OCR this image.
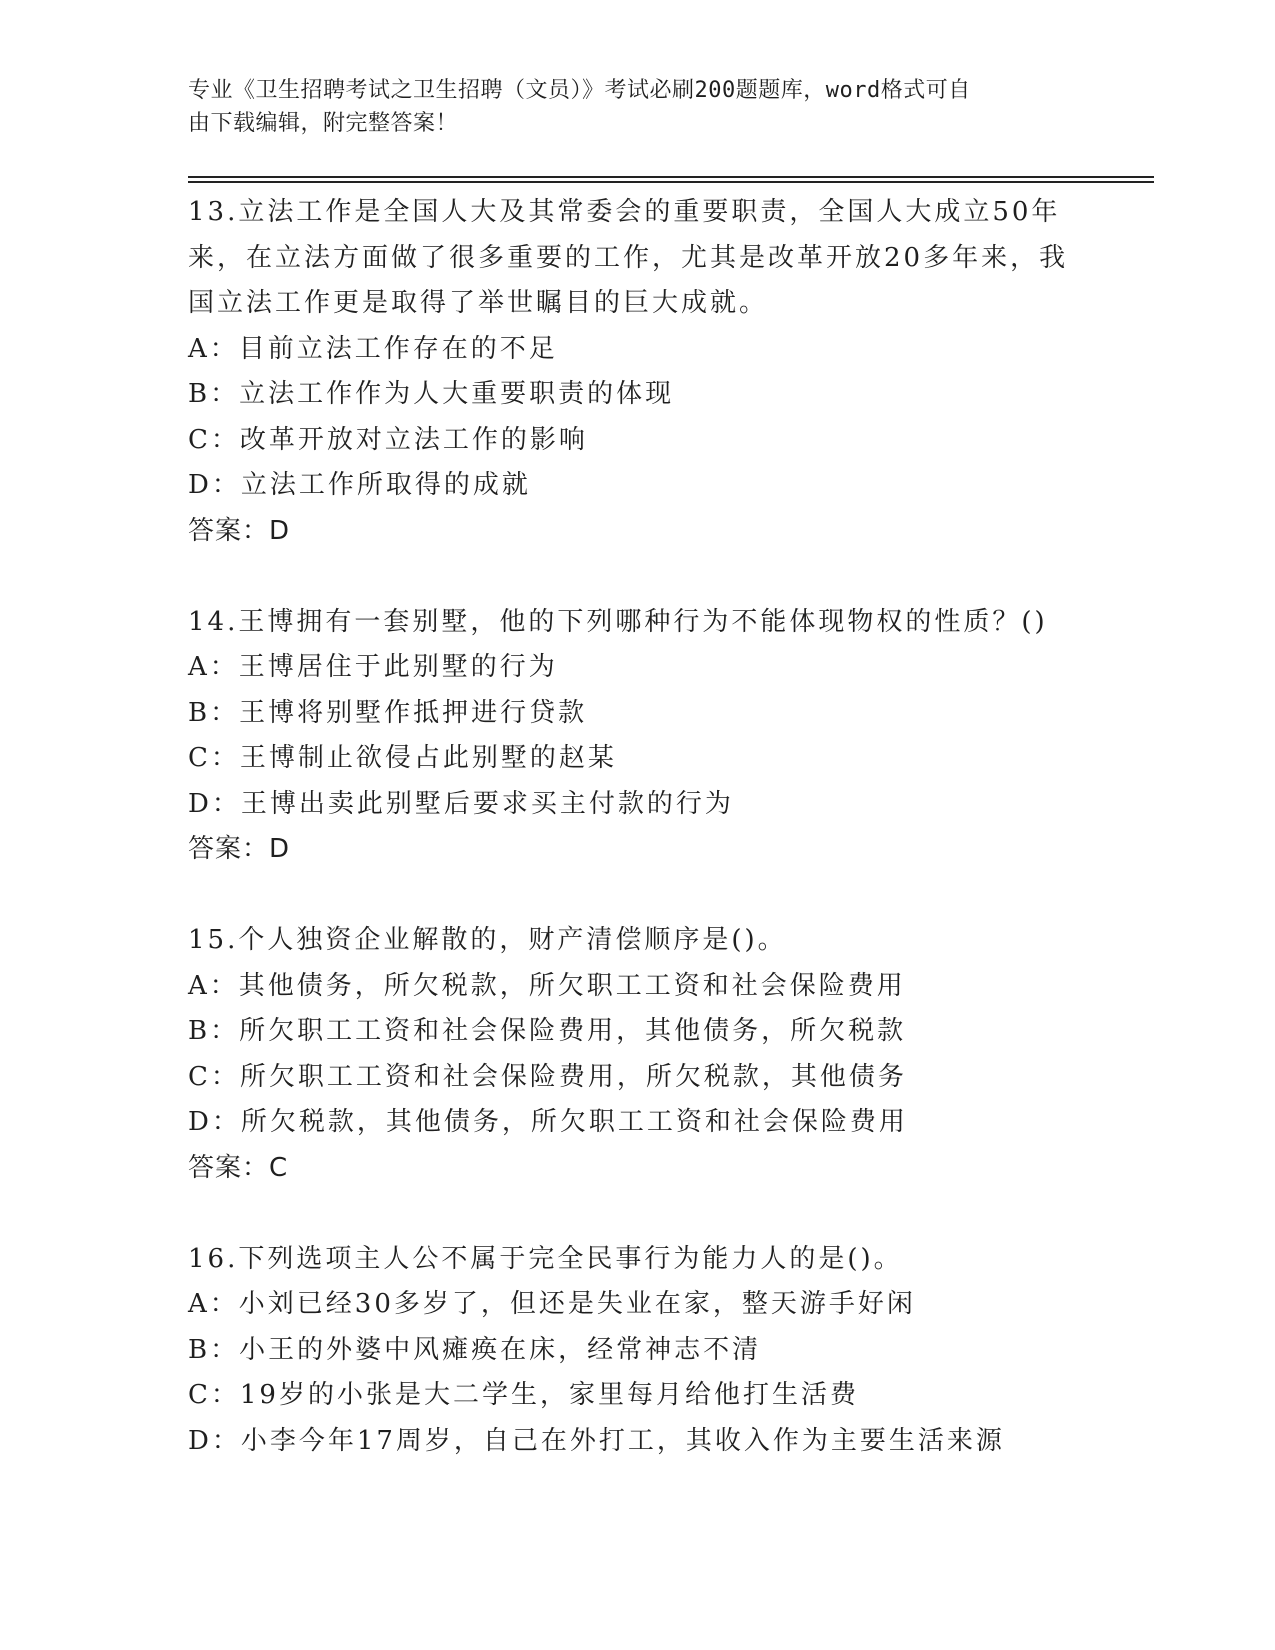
专业《卫生招聘考试之卫生招聘（文员）》考试必刷200题题库，word格式可自
由下载编辑，附完整答案！
13.立法工作是全国人大及其常委会的重要职责，全国人大成立50年
来，在立法方面做了很多重要的工作，尤其是改革开放20多年来，我
国立法工作更是取得了举世瞩目的巨大成就。
A：目前立法工作存在的不足
B：立法工作作为人大重要职责的体现
C：改革开放对立法工作的影响
D：立法工作所取得的成就
答案：D
14.王博拥有一套别墅，他的下列哪种行为不能体现物权的性质？()
A：王博居住于此别墅的行为
B：王博将别墅作抵押进行贷款
C：王博制止欲侵占此别墅的赵某
D：王博出卖此别墅后要求买主付款的行为
答案：D
15.个人独资企业解散的，财产清偿顺序是()。
A：其他债务，所欠税款，所欠职工工资和社会保险费用
B：所欠职工工资和社会保险费用，其他债务，所欠税款
C：所欠职工工资和社会保险费用，所欠税款，其他债务
D：所欠税款，其他债务，所欠职工工资和社会保险费用
答案：C
16.下列选项主人公不属于完全民事行为能力人的是()。
A：小刘已经30多岁了，但还是失业在家，整天游手好闲
B：小王的外婆中风瘫痪在床，经常神志不清
C：19岁的小张是大二学生，家里每月给他打生活费
D：小李今年17周岁，自己在外打工，其收入作为主要生活来源
